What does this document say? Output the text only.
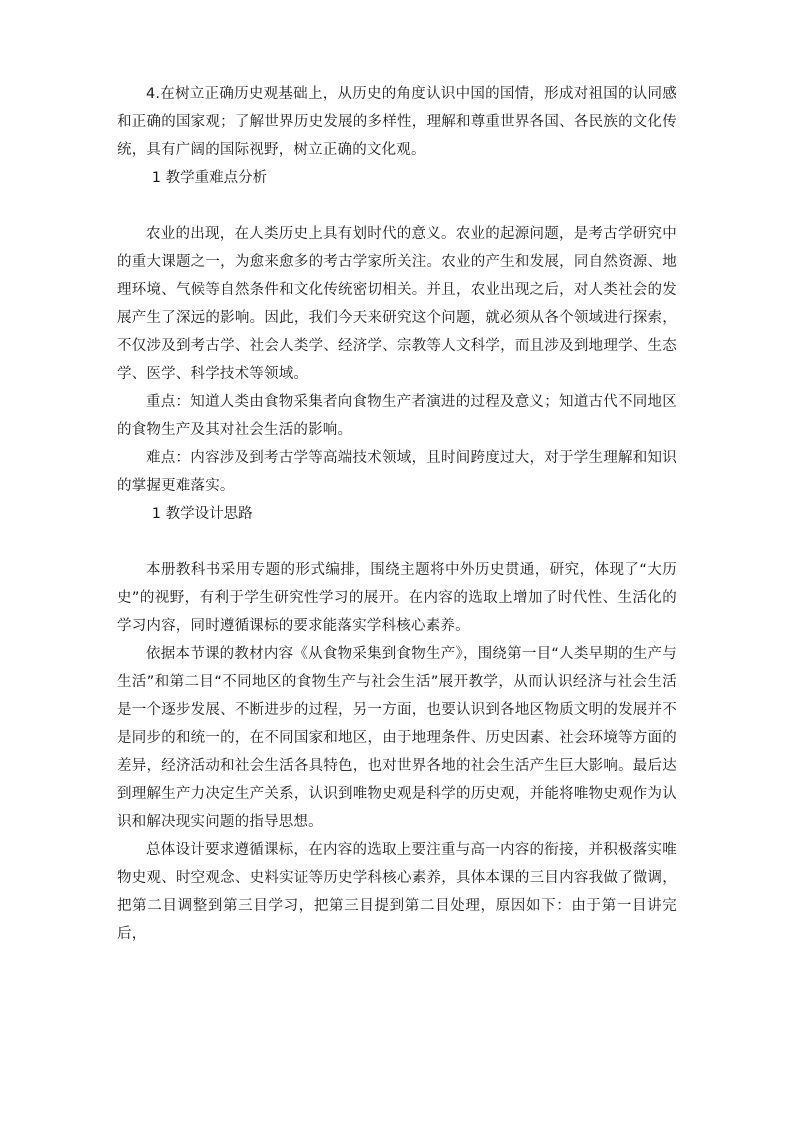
4.在树立正确历史观基础上，从历史的角度认识中国的国情，形成对祖国的认同感和正确的国家观；了解世界历史发展的多样性，理解和尊重世界各国、各民族的文化传统，具有广阔的国际视野，树立正确的文化观。

1 教学重难点分析

农业的出现，在人类历史上具有划时代的意义。农业的起源问题，是考古学研究中的重大课题之一，为愈来愈多的考古学家所关注。农业的产生和发展，同自然资源、地理环境、气候等自然条件和文化传统密切相关。并且，农业出现之后，对人类社会的发展产生了深远的影响。因此，我们今天来研究这个问题，就必须从各个领域进行探索，不仅涉及到考古学、社会人类学、经济学、宗教等人文科学，而且涉及到地理学、生态学、医学、科学技术等领域。

重点：知道人类由食物采集者向食物生产者演进的过程及意义；知道古代不同地区的食物生产及其对社会生活的影响。

难点：内容涉及到考古学等高端技术领域，且时间跨度过大，对于学生理解和知识的掌握更难落实。

1 教学设计思路

本册教科书采用专题的形式编排，围绕主题将中外历史贯通，研究，体现了“大历史”的视野，有利于学生研究性学习的展开。在内容的选取上增加了时代性、生活化的学习内容，同时遵循课标的要求能落实学科核心素养。

依据本节课的教材内容《从食物采集到食物生产》，围绕第一目“人类早期的生产与生活”和第二目“不同地区的食物生产与社会生活”展开教学，从而认识经济与社会生活是一个逐步发展、不断进步的过程，另一方面，也要认识到各地区物质文明的发展并不是同步的和统一的，在不同国家和地区，由于地理条件、历史因素、社会环境等方面的差异，经济活动和社会生活各具特色，也对世界各地的社会生活产生巨大影响。最后达到理解生产力决定生产关系，认识到唯物史观是科学的历史观，并能将唯物史观作为认识和解决现实问题的指导思想。

总体设计要求遵循课标，在内容的选取上要注重与高一内容的衔接，并积极落实唯物史观、时空观念、史料实证等历史学科核心素养，具体本课的三目内容我做了微调，把第二目调整到第三目学习，把第三目提到第二目处理，原因如下：由于第一目讲完后，
